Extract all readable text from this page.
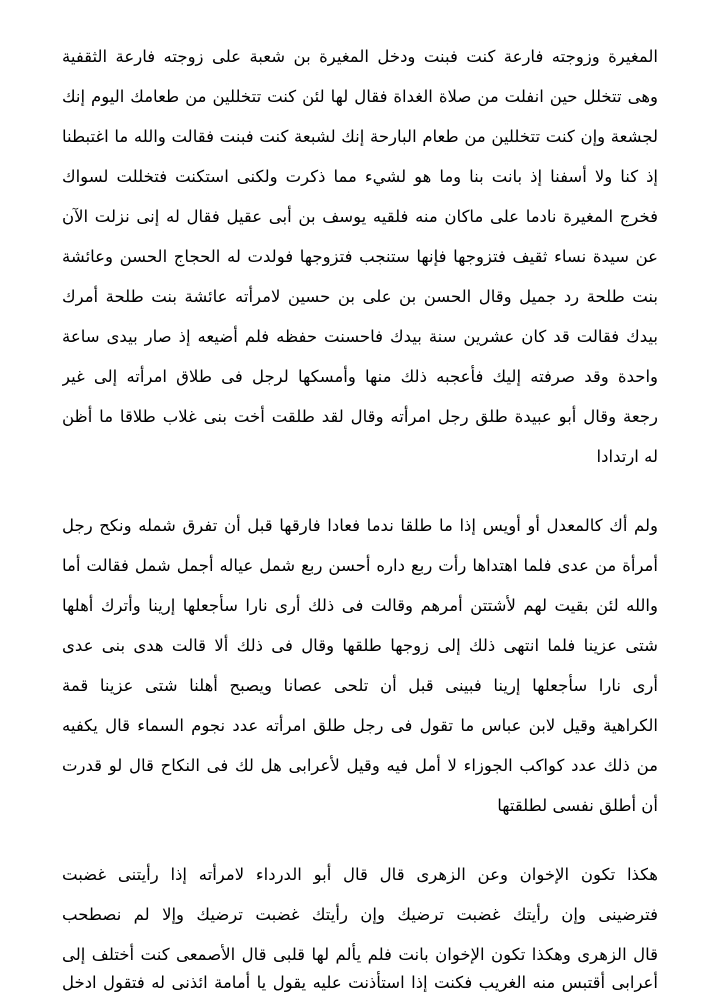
المغيرة وزوجته فارعة كنت فبنت ودخل المغيرة بن شعبة على زوجته فارعة الثقفية
وهى تتخلل حين انفلت من صلاة الغداة فقال لها لئن كنت تتخللين من طعامك اليوم إنك
لجشعة وإن كنت تتخللين من طعام البارحة إنك لشبعة كنت فبنت فقالت والله ما اغتبطنا
إذ كنا ولا أسفنا إذ بانت بنا وما هو لشيء مما ذكرت ولكنى استكنت فتخللت لسواك
فخرج المغيرة نادما على ماكان منه فلقيه يوسف بن أبى عقيل فقال له إنى نزلت الآن
عن سيدة نساء ثقيف فتزوجها فإنها ستنجب فتزوجها فولدت له الحجاج الحسن وعائشة
بنت طلحة رد جميل وقال الحسن بن على بن حسين لامرأته عائشة بنت طلحة أمرك
بيدك فقالت قد كان عشرين سنة بيدك فاحسنت حفظه فلم أضيعه إذ صار بيدى ساعة
واحدة وقد صرفته إليك فأعجبه ذلك منها وأمسكها لرجل فى طلاق امرأته إلى غير
رجعة وقال أبو عبيدة طلق رجل امرأته وقال لقد طلقت أخت بنى غلاب طلاقا ما أظن
له ارتدادا
ولم أك كالمعدل أو أويس إذا ما طلقا ندما فعادا فارقها قبل أن تفرق شمله ونكح رجل
أمرأة من عدى فلما اهتداها رأت ربع داره أحسن ربع شمل عياله أجمل شمل فقالت أما
والله لئن بقيت لهم لأشتتن أمرهم وقالت فى ذلك أرى نارا سأجعلها إرينا وأترك أهلها
شتى عزينا فلما انتهى ذلك إلى زوجها طلقها وقال فى ذلك ألا قالت هدى بنى عدى
أرى نارا سأجعلها إرينا فبينى قبل أن تلحى عصانا ويصبح أهلنا شتى عزينا قمة
الكراهية وقيل لابن عباس ما تقول فى رجل طلق امرأته عدد نجوم السماء قال يكفيه
من ذلك عدد كواكب الجوزاء لا أمل فيه وقيل لأعرابى هل لك فى النكاح قال لو قدرت
أن أطلق نفسى لطلقتها
هكذا تكون الإخوان وعن الزهرى قال قال أبو الدرداء لامرأته إذا رأيتنى غضبت
فترضينى وإن رأيتك غضبت ترضيك وإن رأيتك غضبت ترضيك وإلا لم نصطحب
قال الزهرى وهكذا تكون الإخوان بانت فلم يألم لها قلبى قال الأصمعى كنت أختلف إلى
أعرابى أقتبس منه الغريب فكنت إذا استأذنت عليه يقول يا أمامة ائذنى له فتقول ادخل
